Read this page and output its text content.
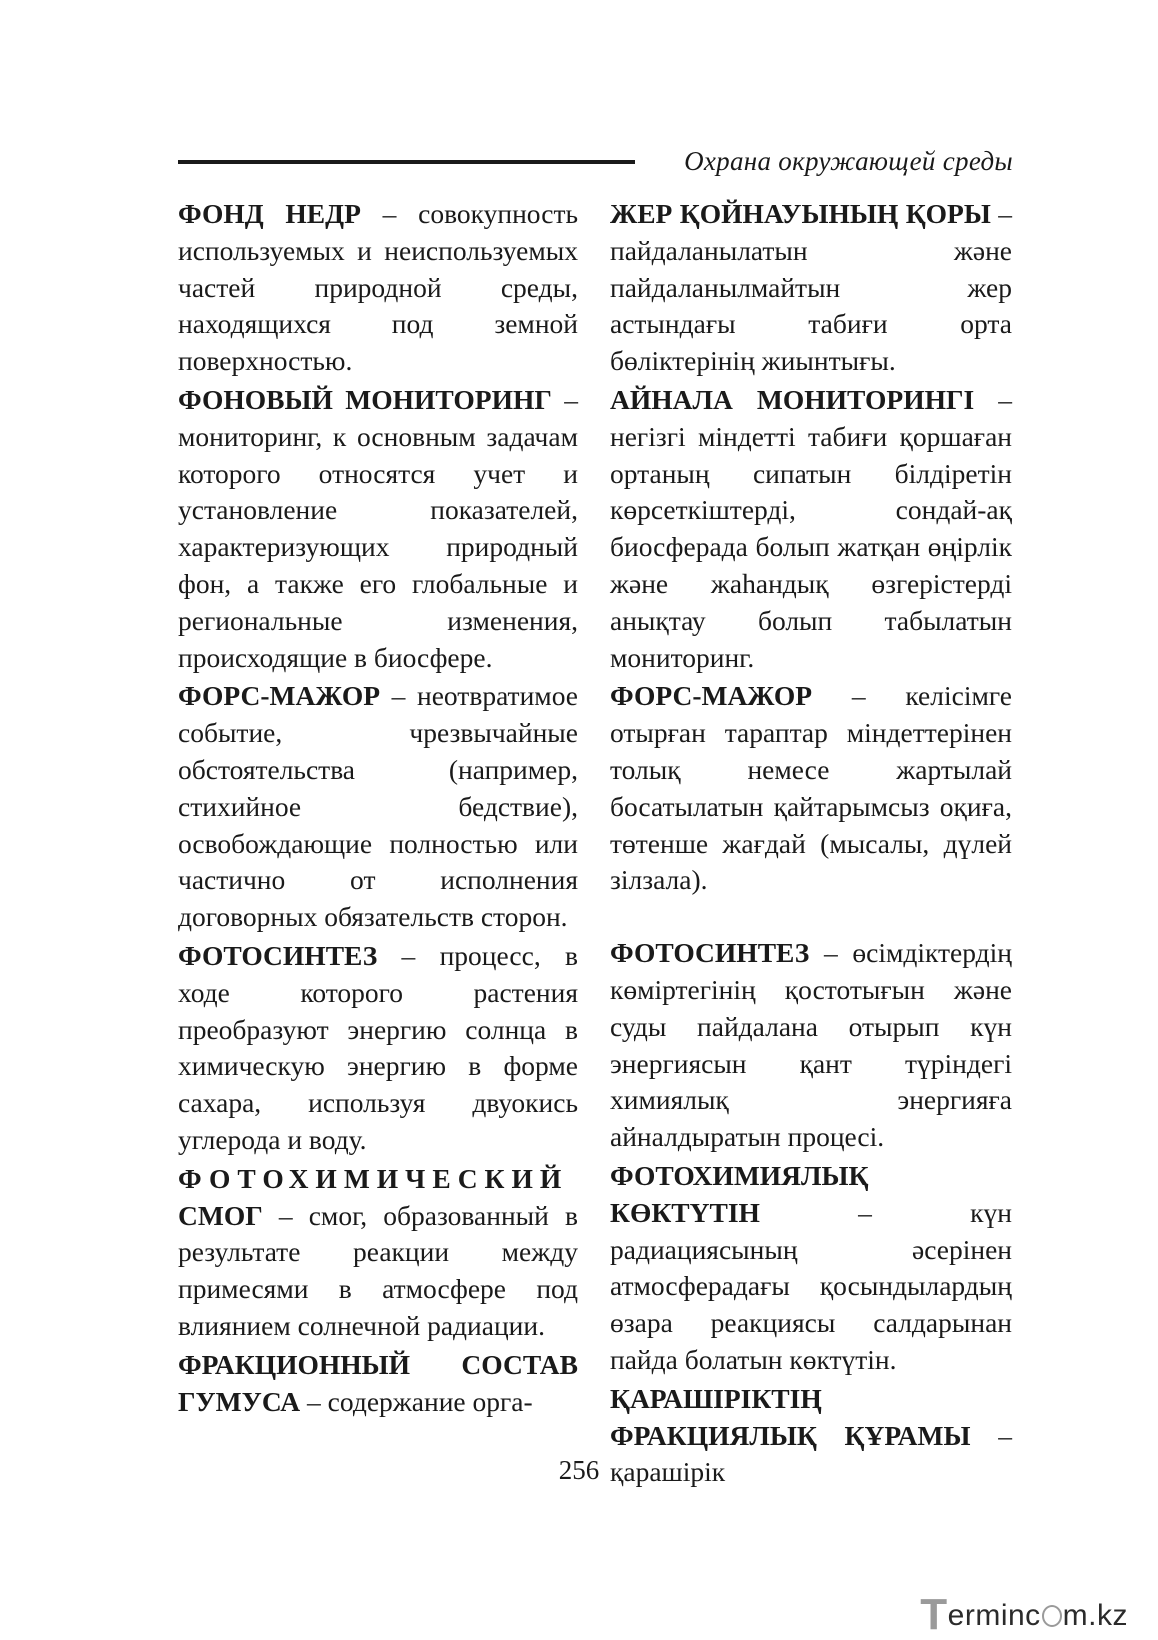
Охрана окружающей среды

ФОНД НЕДР – совокупность используемых и неиспользуемых частей природной среды, находящихся под земной поверхностью.

ФОНОВЫЙ МОНИТОРИНГ – мониторинг, к основным задачам которого относятся учет и установление показателей, характеризующих природный фон, а также его глобальные и региональные изменения, происходящие в биосфере.

ФОРС-МАЖОР – неотвратимое событие, чрезвычайные обстоятельства (например, стихийное бедствие), освобождающие полностью или частично от исполнения договорных обязательств сторон.

ФОТОСИНТЕЗ – процесс, в ходе которого растения преобразуют энергию солнца в химическую энергию в форме сахара, используя двуокись углерода и воду.

ФОТОХИМИЧЕСКИЙ СМОГ – смог, образованный в результате реакции между примесями в атмосфере под влиянием солнечной радиации.

ФРАКЦИОННЫЙ СОСТАВ ГУМУСА – содержание орга-

ЖЕР ҚОЙНАУЫНЫҢ ҚОРЫ – пайдаланылатын және пайдаланылмайтын жер астындағы табиғи орта бөліктерінің жиынтығы.

АЙНАЛА МОНИТОРИНГІ – негізгі міндетті табиғи қоршаған ортаның сипатын білдіретін көрсеткіштерді, сондай-ақ биосферада болып жатқан өңірлік және жаһандық өзгерістерді анықтау болып табылатын мониторинг.

ФОРС-МАЖОР – келісімге отырған тараптар міндеттерінен толық немесе жартылай босатылатын қайтарымсыз оқиға, төтенше жағдай (мысалы, дүлей зілзала).

ФОТОСИНТЕЗ – өсімдіктердің көміртегінің қостотығын және суды пайдалана отырып күн энергиясын қант түріндегі химиялық энергияға айналдыратын процесі.

ФОТОХИМИЯЛЫҚ КӨКТҮТІН – күн радиациясының әсерінен атмосферадағы қосындылардың өзара реакциясы салдарынан пайда болатын көктүтін.

ҚАРАШІРІКТІҢ ФРАКЦИЯЛЫҚ ҚҰРАМЫ – қарашірік

256
Terminc m.kz
